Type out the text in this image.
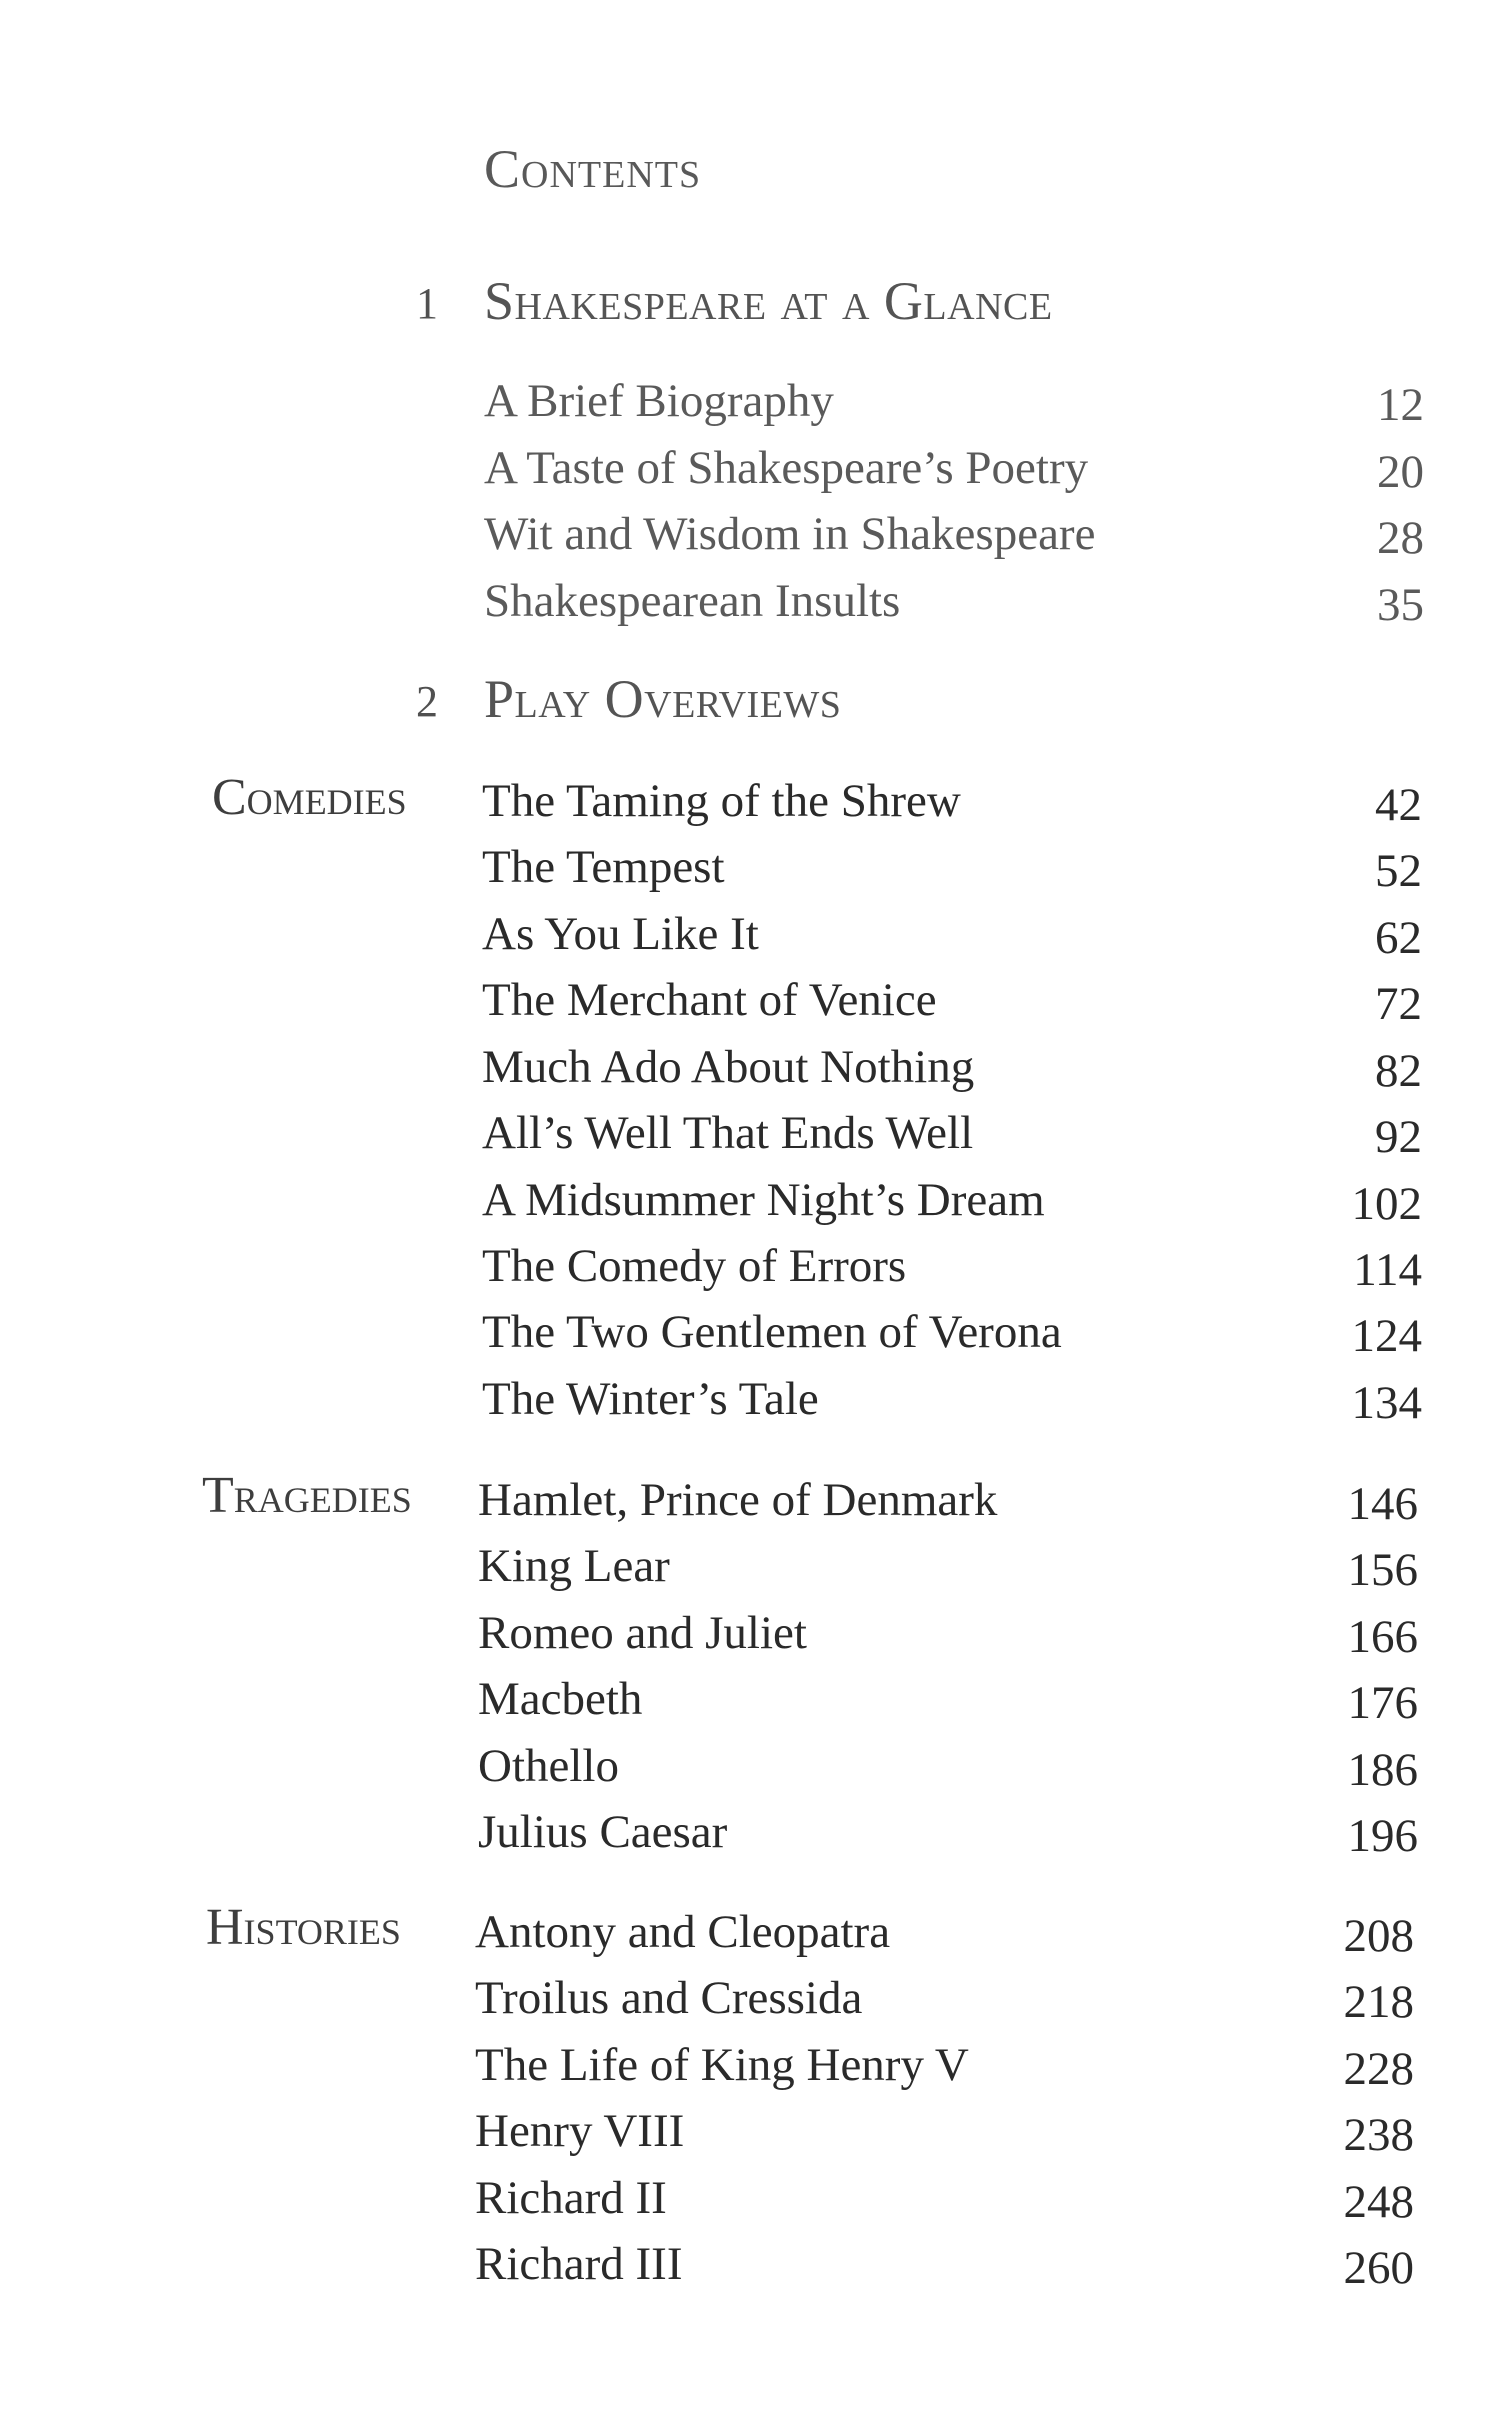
Contents
1 Shakespeare at a Glance
A Brief Biography	12
A Taste of Shakespeare’s Poetry	20
Wit and Wisdom in Shakespeare	28
Shakespearean Insults	35
2 Play Overviews
Comedies The Taming of the Shrew	42
The Tempest	52
As You Like It	62
The Merchant of Venice	72
Much Ado About Nothing	82
All’s Well That Ends Well	92
A Midsummer Night’s Dream	102
The Comedy of Errors	114
The Two Gentlemen of Verona	124
The Winter’s Tale	134
Tragedies Hamlet, Prince of Denmark	146
King Lear	156
Romeo and Juliet	166
Macbeth	176
Othello	186
Julius Caesar	196
Histories Antony and Cleopatra	208
Troilus and Cressida	218
The Life of King Henry V	228
Henry VIII	238
Richard II	248
Richard III	260
